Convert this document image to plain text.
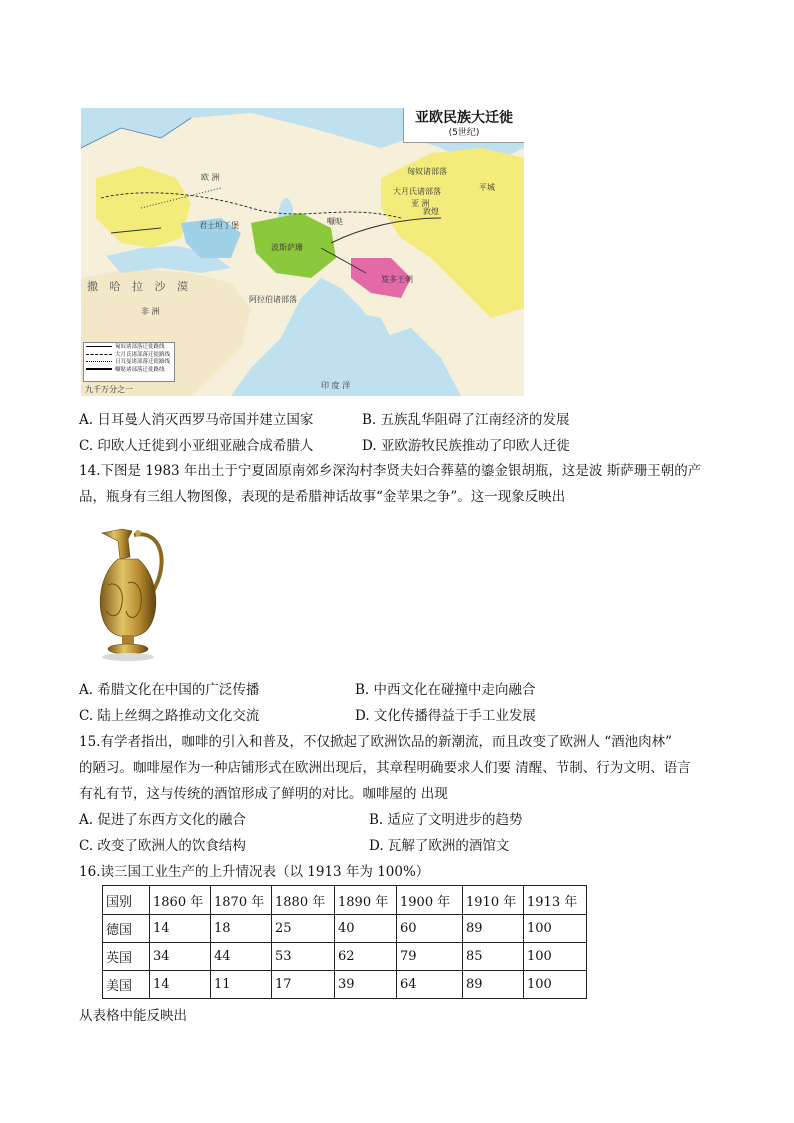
亚欧民族大迁徙
(5世纪)
撒 哈 拉 沙 漠
非 洲
欧 洲
亚 洲
印 度 洋
匈奴诸部落
大月氏诸部落	平城
敦煌
君士坦丁堡
波斯萨珊
阿拉伯诸部落
嚈哒
笈多王朝
匈奴诸部落迁徙路线
大月氏诸部落迁徙路线
日耳曼诸部落迁徙路线
嚈哒诸部落迁徙路线
九千万分之一
A. 日耳曼人消灭西罗马帝国并建立国家	B. 五族乱华阻碍了江南经济的发展
C. 印欧人迁徙到小亚细亚融合成希腊人	D. 亚欧游牧民族推动了印欧人迁徙
14.下图是 1983 年出土于宁夏固原南郊乡深沟村李贤夫妇合葬墓的鎏金银胡瓶，这是波 斯萨珊王朝的产
品，瓶身有三组人物图像，表现的是希腊神话故事“金苹果之争”。这一现象反映出
A. 希腊文化在中国的广泛传播	B. 中西文化在碰撞中走向融合
C. 陆上丝绸之路推动文化交流	D. 文化传播得益于手工业发展
15.有学者指出，咖啡的引入和普及，不仅掀起了欧洲饮品的新潮流，而且改变了欧洲人 “酒池肉林”
的陋习。咖啡屋作为一种店铺形式在欧洲出现后，其章程明确要求人们要 清醒、节制、行为文明、语言
有礼有节，这与传统的酒馆形成了鲜明的对比。咖啡屋的 出现
A. 促进了东西方文化的融合	B. 适应了文明进步的趋势
C. 改变了欧洲人的饮食结构	D. 瓦解了欧洲的酒馆文
16.读三国工业生产的上升情况表（以 1913 年为 100%）
国别	1860 年	1870 年	1880 年	1890 年	1900 年	1910 年	1913 年
德国	14	18	25	40	60	89	100
英国	34	44	53	62	79	85	100
美国	14	11	17	39	64	89	100
从表格中能反映出
